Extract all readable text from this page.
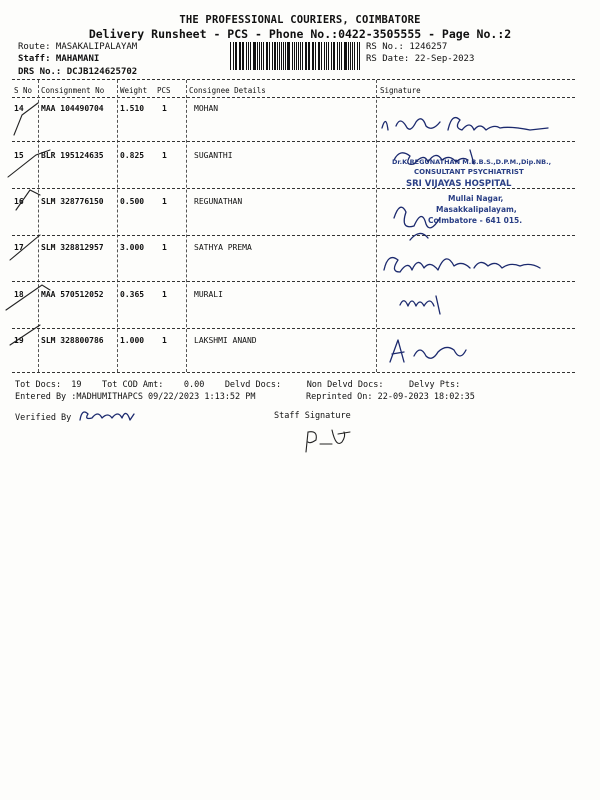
THE PROFESSIONAL COURIERS, COIMBATORE
Delivery Runsheet - PCS - Phone No.:0422-3505555 - Page No.:2
Route: MASAKALIPALAYAM
Staff: MAHAMANI
DRS No.: DCJB124625702
RS No.: 1246257
RS Date: 22-Sep-2023
S No Consignment No Weight PCS Consignee Details	Signature
14 MAA 104490704 1.510 1	MOHAN
15 BLR 195124635 0.825 1	SUGANTHI
16 SLM 328776150 0.500 1	REGUNATHAN
17 SLM 328812957 3.000 1	SATHYA PREMA
18 MAA 570512052 0.365 1	MURALI
19 SLM 328800786 1.000 1	LAKSHMI ANAND
Dr.K.REGUNATHAN M.B.B.S.,D.P.M.,Dip.NB.,
CONSULTANT PSYCHIATRIST
SRI VIJAYAS HOSPITAL
Mullai Nagar,
Masakkalipalayam,
Coimbatore - 641 015.
Tot Docs:  19    Tot COD Amt:    0.00    Delvd Docs:     Non Delvd Docs:     Delvy Pts:
Entered By :MADHUMITHAPCS 09/22/2023 1:13:52 PM	Reprinted On: 22-09-2023 18:02:35
Verified By	Staff Signature
